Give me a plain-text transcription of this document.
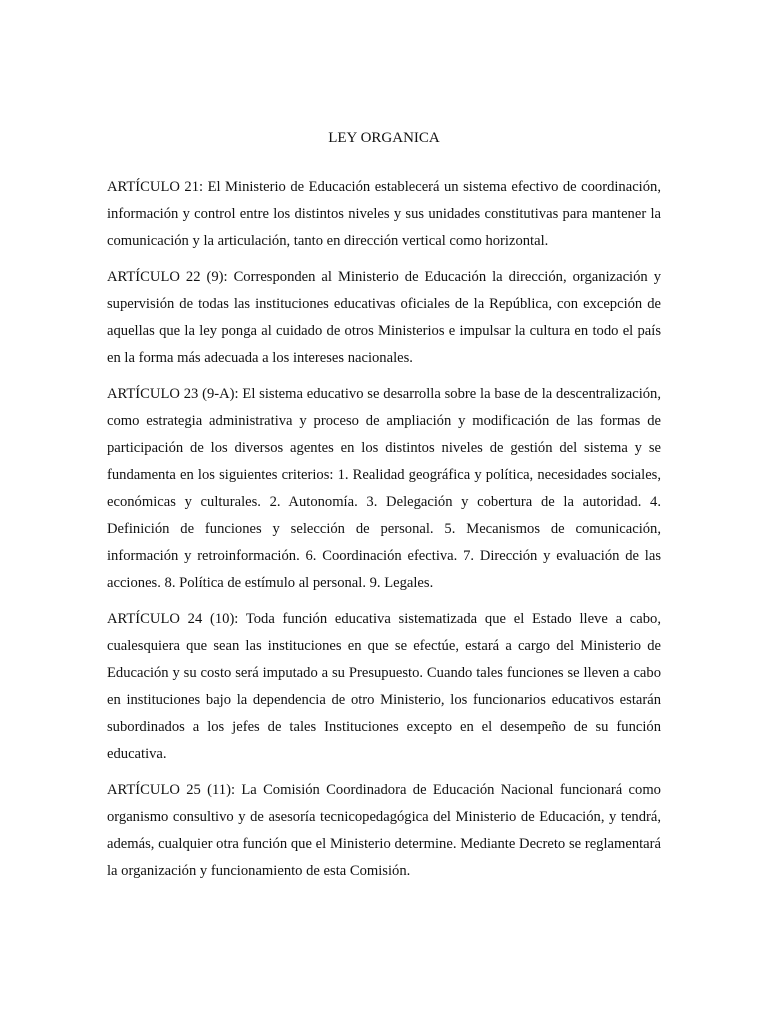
LEY ORGANICA

ARTÍCULO 21: El Ministerio de Educación establecerá un sistema efectivo de coordinación, información y control entre los distintos niveles y sus unidades constitutivas para mantener la comunicación y la articulación, tanto en dirección vertical como horizontal.

ARTÍCULO 22 (9): Corresponden al Ministerio de Educación la dirección, organización y supervisión de todas las instituciones educativas oficiales de la República, con excepción de aquellas que la ley ponga al cuidado de otros Ministerios e impulsar la cultura en todo el país en la forma más adecuada a los intereses nacionales.

ARTÍCULO 23 (9-A): El sistema educativo se desarrolla sobre la base de la descentralización, como estrategia administrativa y proceso de ampliación y modificación de las formas de participación de los diversos agentes en los distintos niveles de gestión del sistema y se fundamenta en los siguientes criterios: 1. Realidad geográfica y política, necesidades sociales, económicas y culturales. 2. Autonomía. 3. Delegación y cobertura de la autoridad. 4. Definición de funciones y selección de personal. 5. Mecanismos de comunicación, información y retroinformación. 6. Coordinación efectiva. 7. Dirección y evaluación de las acciones. 8. Política de estímulo al personal. 9. Legales.

ARTÍCULO 24 (10): Toda función educativa sistematizada que el Estado lleve a cabo, cualesquiera que sean las instituciones en que se efectúe, estará a cargo del Ministerio de Educación y su costo será imputado a su Presupuesto. Cuando tales funciones se lleven a cabo en instituciones bajo la dependencia de otro Ministerio, los funcionarios educativos estarán subordinados a los jefes de tales Instituciones excepto en el desempeño de su función educativa.

ARTÍCULO 25 (11): La Comisión Coordinadora de Educación Nacional funcionará como organismo consultivo y de asesoría tecnicopedagógica del Ministerio de Educación, y tendrá, además, cualquier otra función que el Ministerio determine. Mediante Decreto se reglamentará la organización y funcionamiento de esta Comisión.
